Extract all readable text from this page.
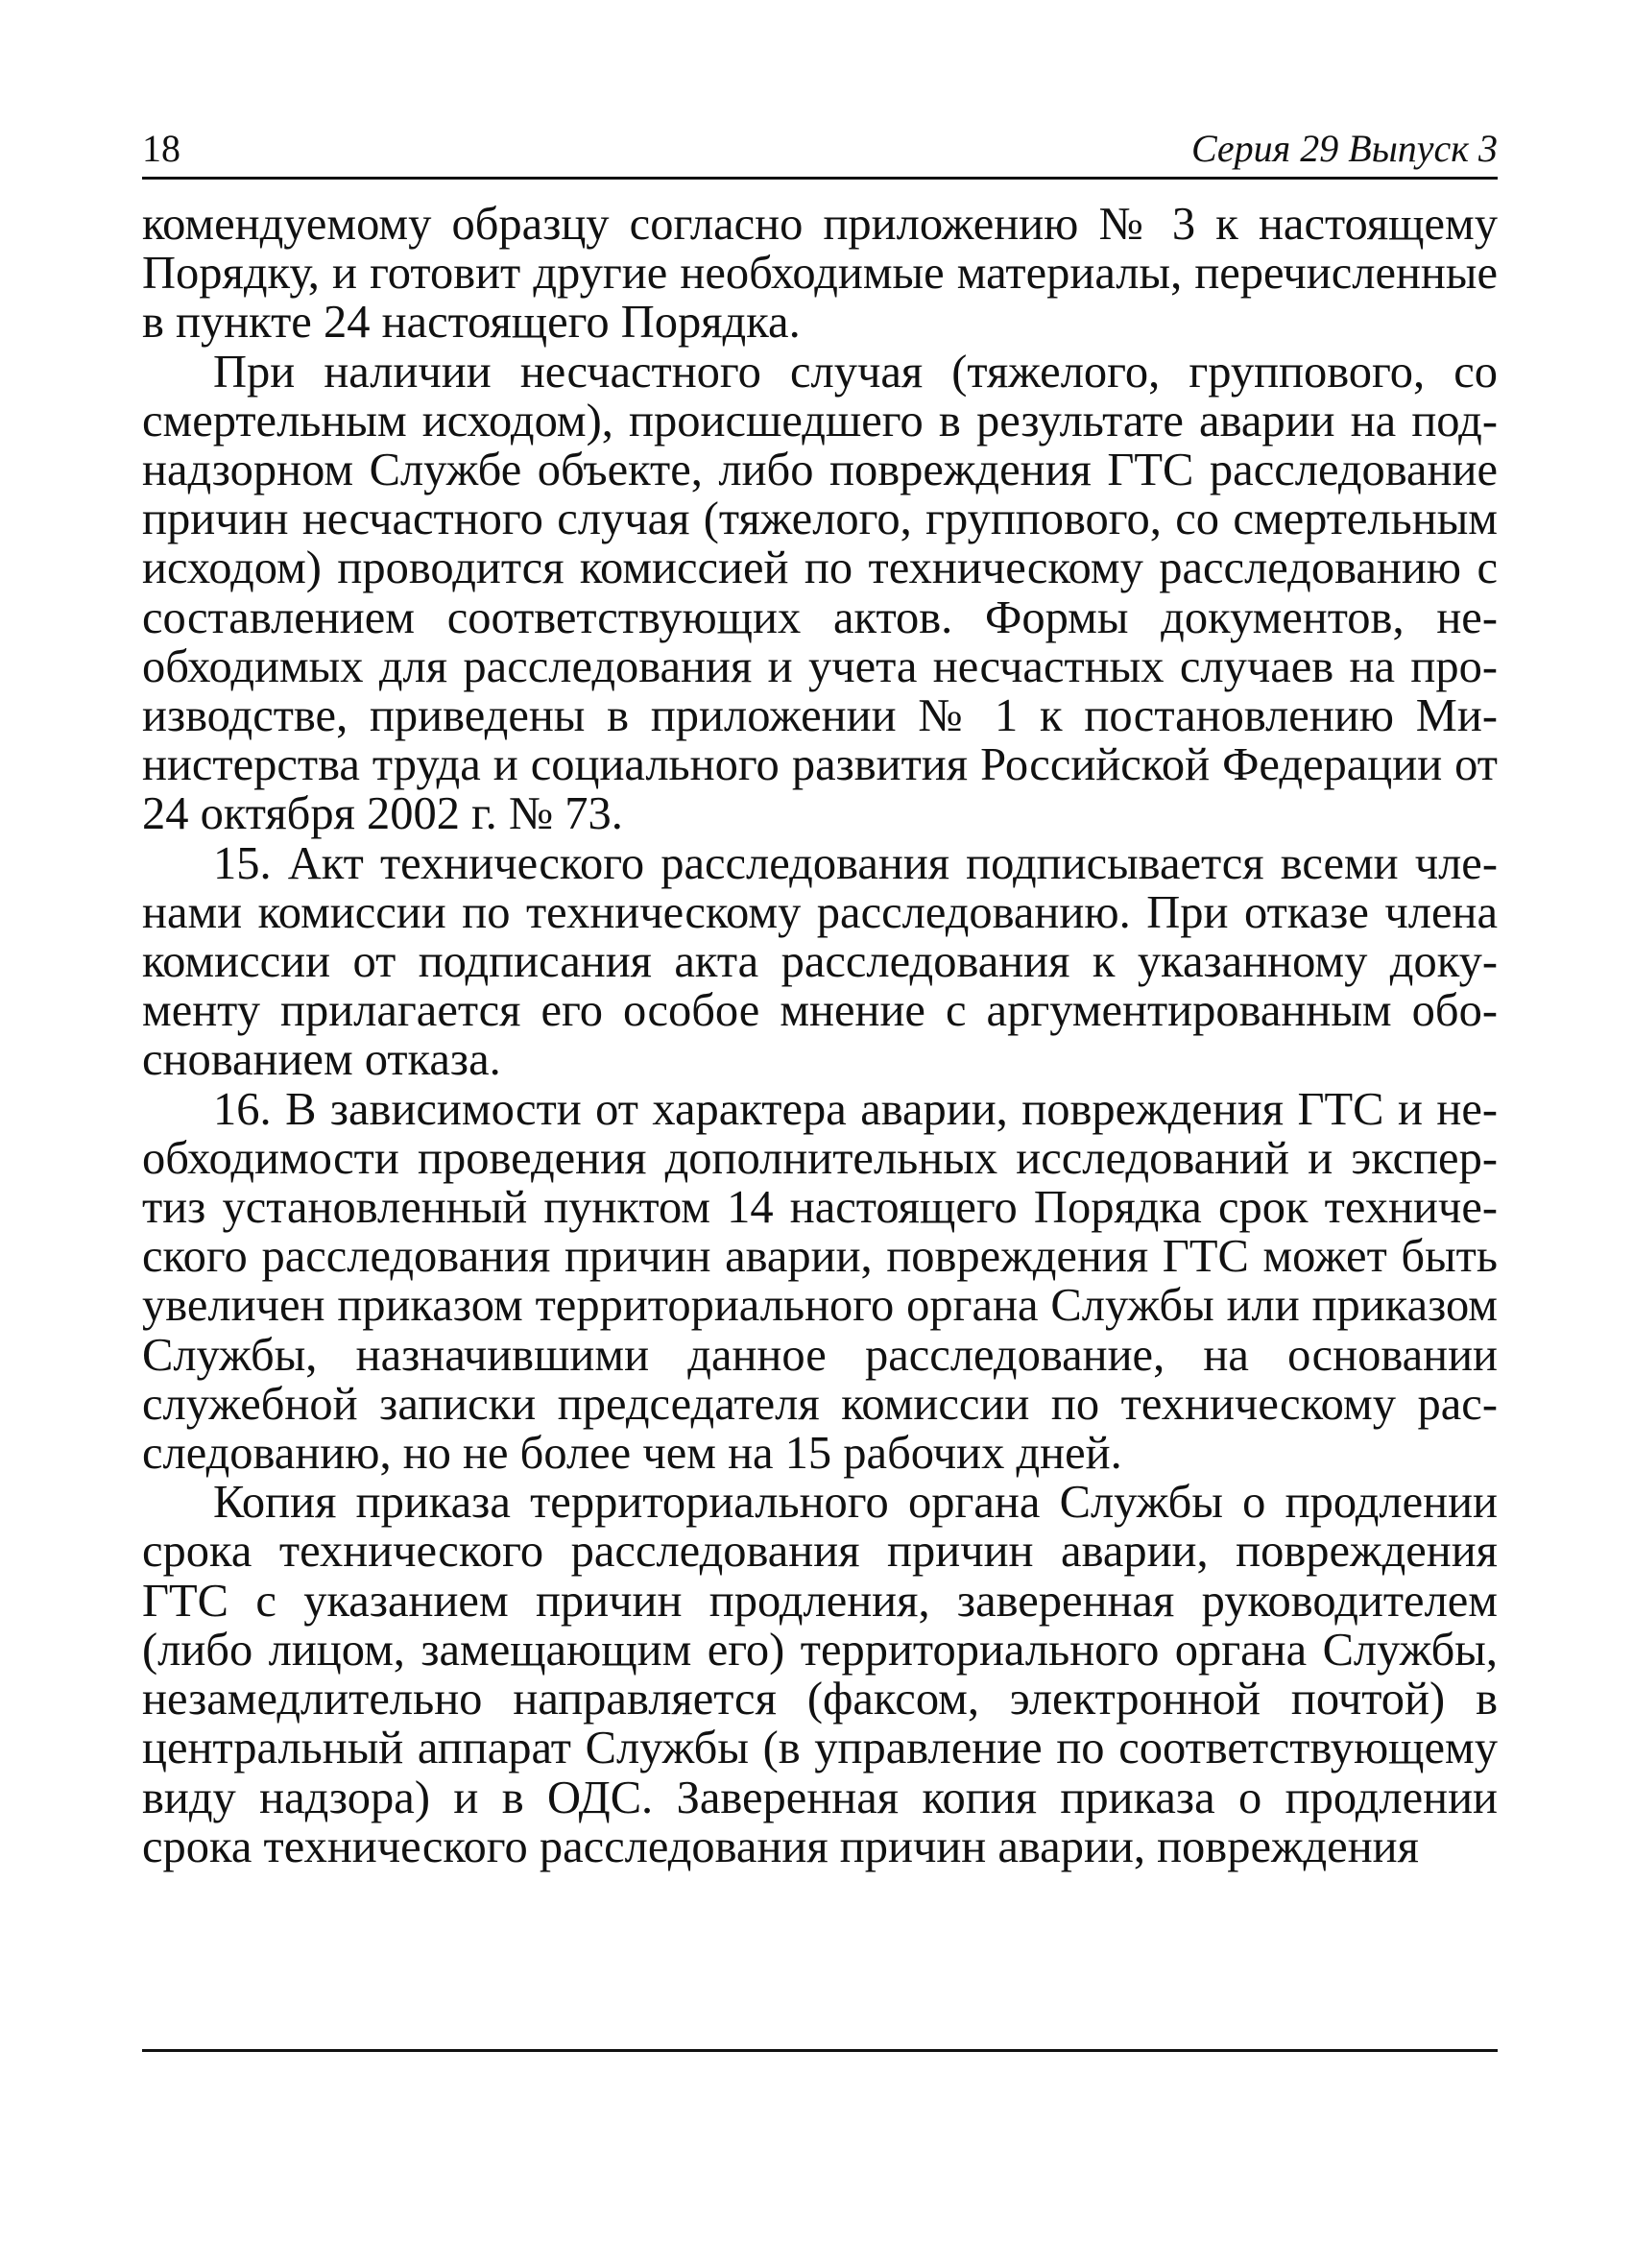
18	Серия 29 Выпуск 3

комендуемому образцу согласно приложению № 3 к настоящему Порядку, и готовит другие необходимые материалы, перечисленные в пункте 24 настоящего Порядка.

При наличии несчастного случая (тяжелого, группового, со смертельным исходом), происшедшего в результате аварии на поднадзорном Службе объекте, либо повреждения ГТС расследование причин несчастного случая (тяжелого, группового, со смертельным исходом) проводится комиссией по техническому расследованию с составлением соответствующих актов. Формы документов, необходимых для расследования и учета несчастных случаев на производстве, приведены в приложении № 1 к постановлению Министерства труда и социального развития Российской Федерации от 24 октября 2002 г. № 73.

15. Акт технического расследования подписывается всеми членами комиссии по техническому расследованию. При отказе члена комиссии от подписания акта расследования к указанному документу прилагается его особое мнение с аргументированным обоснованием отказа.

16. В зависимости от характера аварии, повреждения ГТС и необходимости проведения дополнительных исследований и экспертиз установленный пунктом 14 настоящего Порядка срок технического расследования причин аварии, повреждения ГТС может быть увеличен приказом территориального органа Службы или приказом Службы, назначившими данное расследование, на основании служебной записки председателя комиссии по техническому расследованию, но не более чем на 15 рабочих дней.

Копия приказа территориального органа Службы о продлении срока технического расследования причин аварии, повреждения ГТС с указанием причин продления, заверенная руководителем (либо лицом, замещающим его) территориального органа Службы, незамедлительно направляется (факсом, электронной почтой) в центральный аппарат Службы (в управление по соответствующему виду надзора) и в ОДС. Заверенная копия приказа о продлении срока технического расследования причин аварии, повреждения
